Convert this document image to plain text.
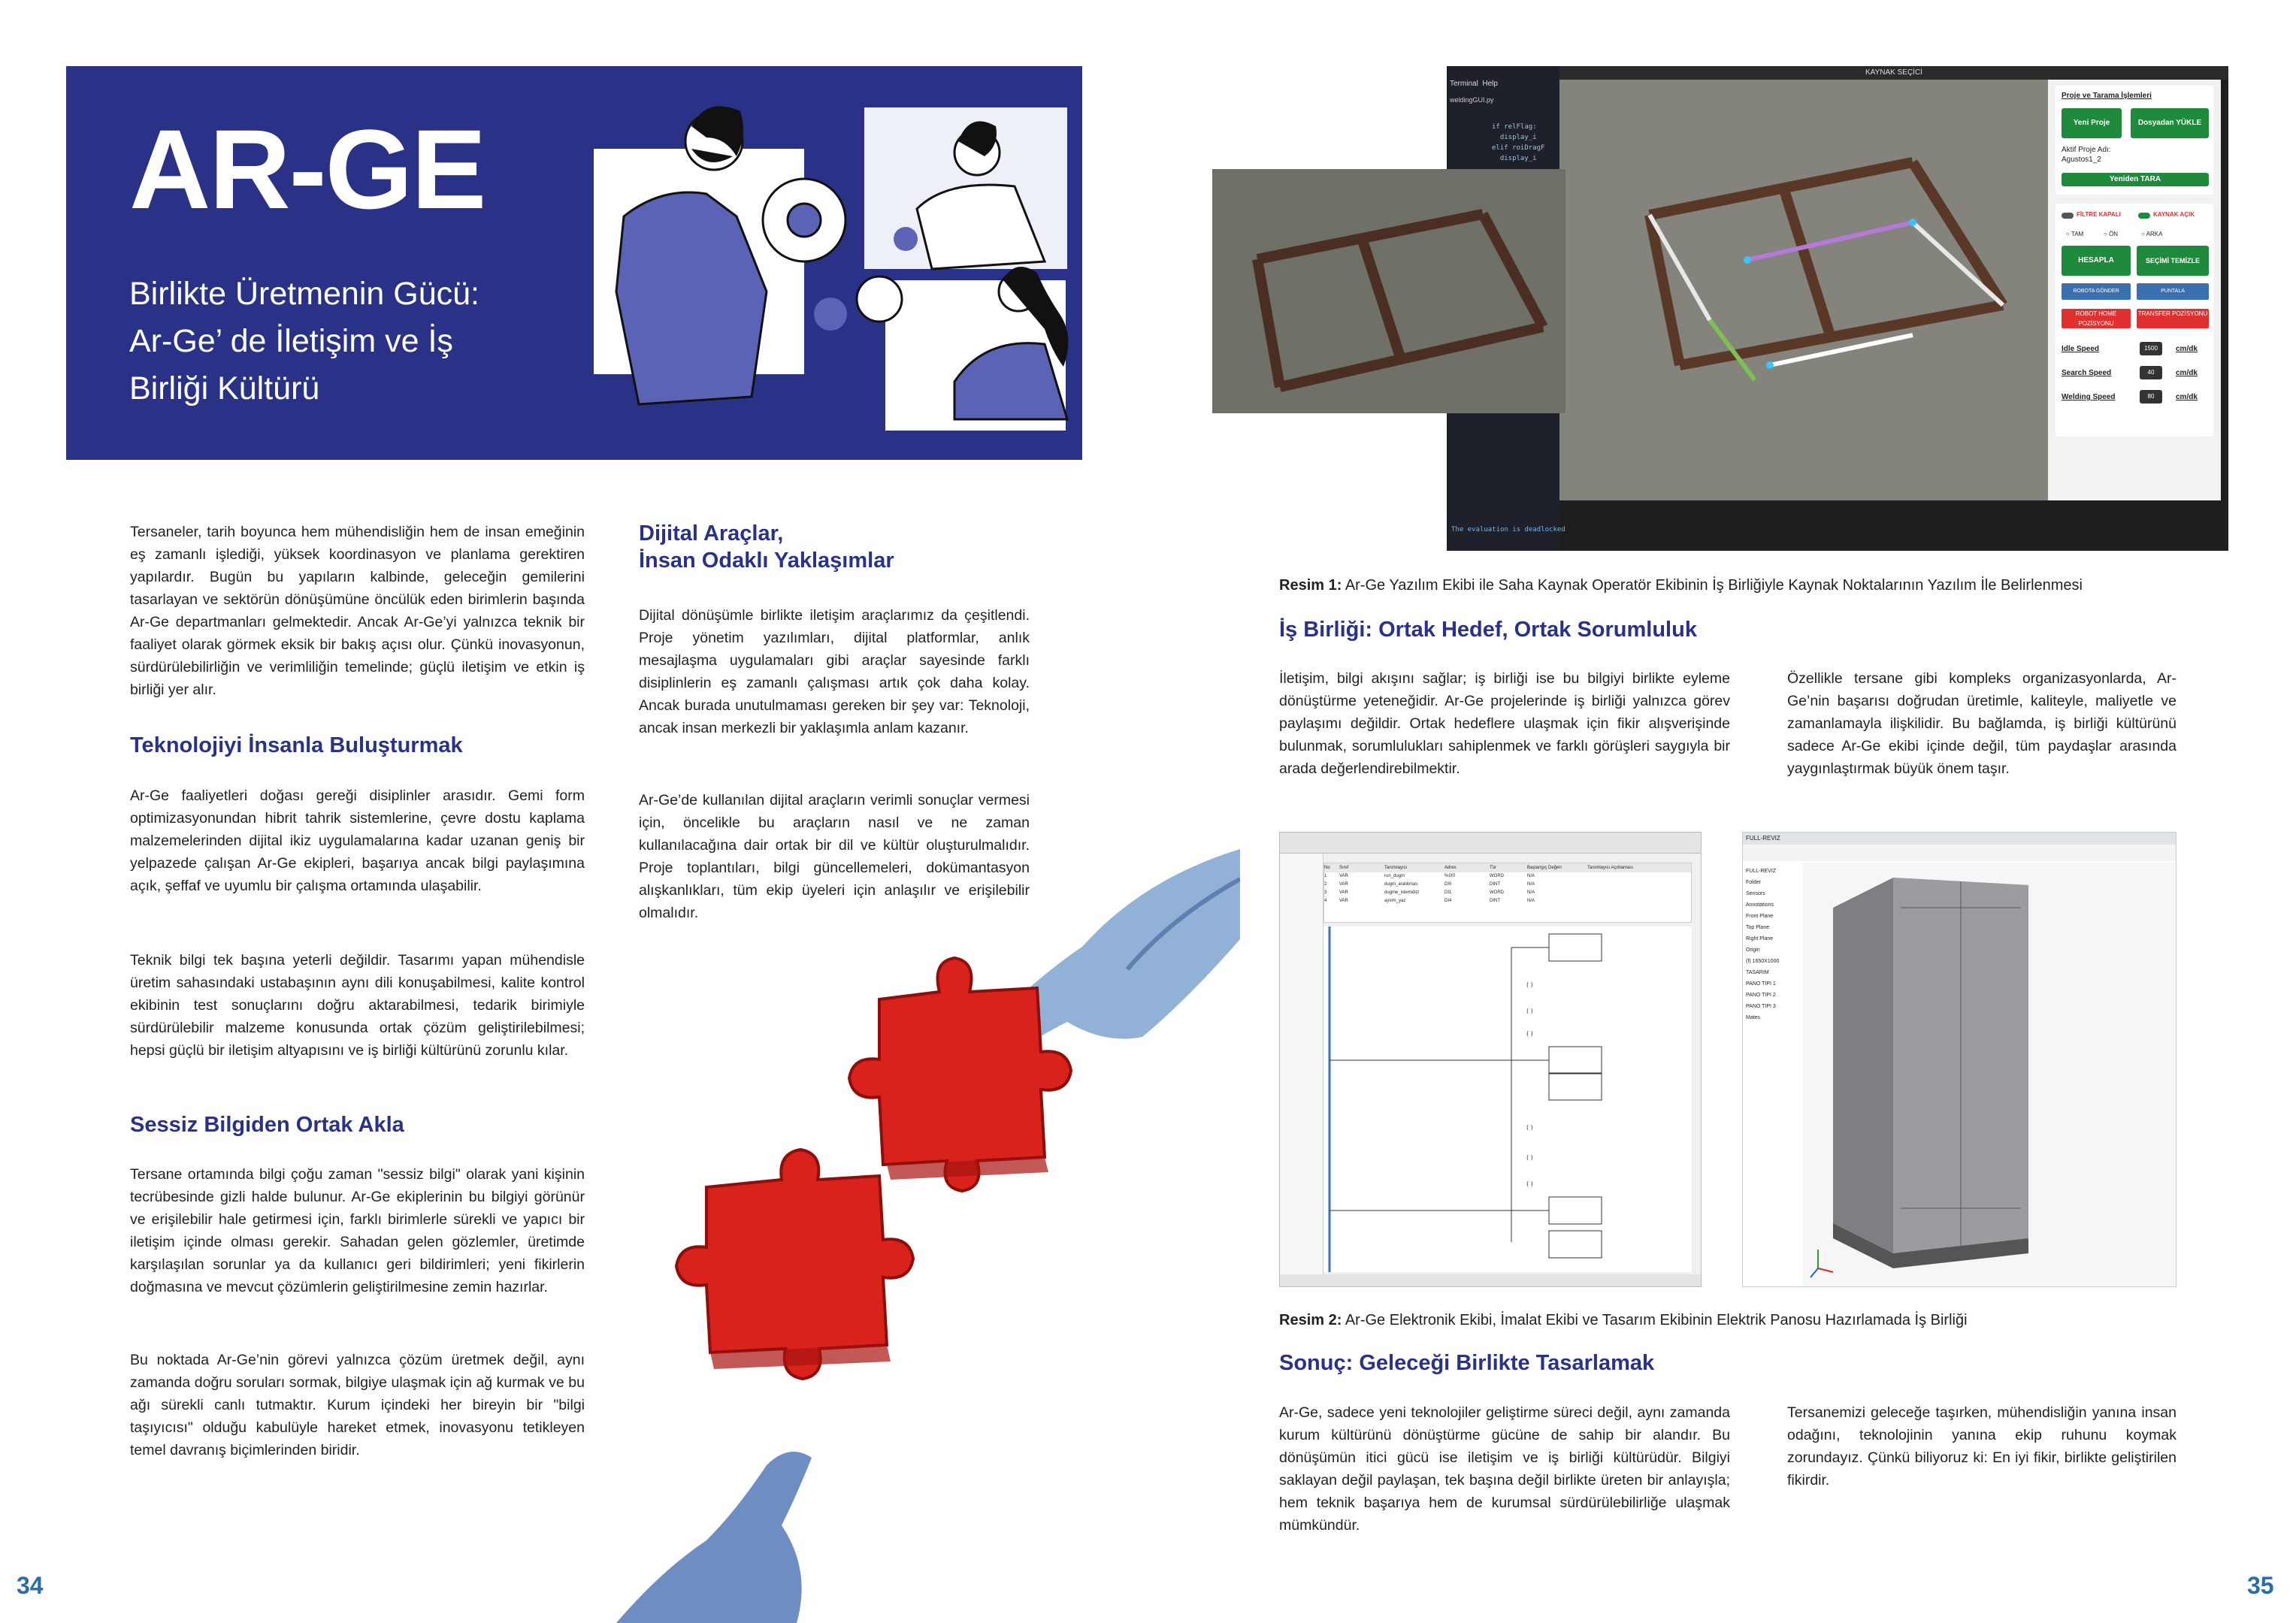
AR-GE
Birlikte Üretmenin Gücü:
Ar-Ge’ de İletişim ve İş
Birliği Kültürü
Tersaneler, tarih boyunca hem mühendisliğin hem de insan emeğinin eş zamanlı işlediği, yüksek koordinasyon ve planlama gerektiren yapılardır. Bugün bu yapıların kalbinde, geleceğin gemilerini tasarlayan ve sektörün dönüşümüne öncülük eden birimlerin başında Ar-Ge departmanları gelmektedir. Ancak Ar-Ge’yi yalnızca teknik bir faaliyet olarak görmek eksik bir bakış açısı olur. Çünkü inovasyonun, sürdürülebilirliğin ve verimliliğin temelinde; güçlü iletişim ve etkin iş birliği yer alır.
Teknolojiyi İnsanla Buluşturmak
Ar-Ge faaliyetleri doğası gereği disiplinler arasıdır. Gemi form optimizasyonundan hibrit tahrik sistemlerine, çevre dostu kaplama malzemelerinden dijital ikiz uygulamalarına kadar uzanan geniş bir yelpazede çalışan Ar-Ge ekipleri, başarıya ancak bilgi paylaşımına açık, şeffaf ve uyumlu bir çalışma ortamında ulaşabilir.
Teknik bilgi tek başına yeterli değildir. Tasarımı yapan mühendisle üretim sahasındaki ustabaşının aynı dili konuşabilmesi, kalite kontrol ekibinin test sonuçlarını doğru aktarabilmesi, tedarik birimiyle sürdürülebilir malzeme konusunda ortak çözüm geliştirilebilmesi; hepsi güçlü bir iletişim altyapısını ve iş birliği kültürünü zorunlu kılar.
Sessiz Bilgiden Ortak Akla
Tersane ortamında bilgi çoğu zaman "sessiz bilgi" olarak yani kişinin tecrübesinde gizli halde bulunur. Ar-Ge ekiplerinin bu bilgiyi görünür ve erişilebilir hale getirmesi için, farklı birimlerle sürekli ve yapıcı bir iletişim içinde olması gerekir. Sahadan gelen gözlemler, üretimde karşılaşılan sorunlar ya da kullanıcı geri bildirimleri; yeni fikirlerin doğmasına ve mevcut çözümlerin geliştirilmesine zemin hazırlar.
Bu noktada Ar-Ge’nin görevi yalnızca çözüm üretmek değil, aynı zamanda doğru soruları sormak, bilgiye ulaşmak için ağ kurmak ve bu ağı sürekli canlı tutmaktır. Kurum içindeki her bireyin bir "bilgi taşıyıcısı" olduğu kabulüyle hareket etmek, inovasyonu tetikleyen temel davranış biçimlerinden biridir.
Dijital Araçlar,
İnsan Odaklı Yaklaşımlar
Dijital dönüşümle birlikte iletişim araçlarımız da çeşitlendi. Proje yönetim yazılımları, dijital platformlar, anlık mesajlaşma uygulamaları gibi araçlar sayesinde farklı disiplinlerin eş zamanlı çalışması artık çok daha kolay. Ancak burada unutulmaması gereken bir şey var: Teknoloji, ancak insan merkezli bir yaklaşımla anlam kazanır.
Ar-Ge’de kullanılan dijital araçların verimli sonuçlar vermesi için, öncelikle bu araçların nasıl ve ne zaman kullanılacağına dair ortak bir dil ve kültür oluşturulmalıdır. Proje toplantıları, bilgi güncellemeleri, dokümantasyon alışkanlıkları, tüm ekip üyeleri için anlaşılır ve erişilebilir olmalıdır.
34
Terminal Help
weldingGUI.py

if relFlag:
display_i
elif roiDragF
display_i

The evaluation is deadlocked
KAYNAK SEÇİCİ
Proje ve Tarama İşlemleri
Yeni Proje	Dosyadan YÜKLE
Aktif Proje Adı:
Agustos1_2
Yeniden TARA
FİLTRE KAPALI	KAYNAK AÇIK
○ TAM	○ ÖN	○ ARKA
HESAPLA	SEÇİMİ TEMİZLE
ROBOTA GÖNDER	PUNTALA
ROBOT HOME POZİSYONU
TRANSFER POZİSYONU
Idle Speed	1500	cm/dk
Search Speed	40	cm/dk
Welding Speed	80	cm/dk
Resim 1: Ar-Ge Yazılım Ekibi ile Saha Kaynak Operatör Ekibinin İş Birliğiyle Kaynak Noktalarının Yazılım İle Belirlenmesi
İş Birliği: Ortak Hedef, Ortak Sorumluluk
İletişim, bilgi akışını sağlar; iş birliği ise bu bilgiyi birlikte eyleme dönüştürme yeteneğidir. Ar-Ge projelerinde iş birliği yalnızca görev paylaşımı değildir. Ortak hedeflere ulaşmak için fikir alışverişinde bulunmak, sorumlulukları sahiplenmek ve farklı görüşleri saygıyla bir arada değerlendirebilmektir.
Özellikle tersane gibi kompleks organizasyonlarda, Ar-Ge’nin başarısı doğrudan üretimle, kaliteyle, maliyetle ve zamanlamayla ilişkilidir. Bu bağlamda, iş birliği kültürünü sadece Ar-Ge ekibi içinde değil, tüm paydaşlar arasında yaygınlaştırmak büyük önem taşır.
No	Sınıf	Tanımlayıcı	Adres	Tür	Başlangıç Değeri	Tanımlayıcı Açıklaması
1	VAR	run_dugm	%IX0	WORD	N/A
2	VAR	dugm_aralıkmas	DI0	DINT	N/A
3	VAR	dugme_islemidizi	DI1	WORD	N/A
4	VAR	ayvim_yaz	DI4	DINT	N/A
( )
( )
( )
( )
( )
( )
FULL-REVIZ
FULL-REVIZ
Folder
Sensors
Annotations
Front Plane
Top Plane
Right Plane
Origin
(f) 1650X1000
TASARIM
PANO TIPI 1
PANO TIPI 2
PANO TIPI 3
Mates
Resim 2: Ar-Ge Elektronik Ekibi, İmalat Ekibi ve Tasarım Ekibinin Elektrik Panosu Hazırlamada İş Birliği
Sonuç: Geleceği Birlikte Tasarlamak
Ar-Ge, sadece yeni teknolojiler geliştirme süreci değil, aynı zamanda kurum kültürünü dönüştürme gücüne de sahip bir alandır. Bu dönüşümün itici gücü ise iletişim ve iş birliği kültürüdür. Bilgiyi saklayan değil paylaşan, tek başına değil birlikte üreten bir anlayışla; hem teknik başarıya hem de kurumsal sürdürülebilirliğe ulaşmak mümkündür.
Tersanemizi geleceğe taşırken, mühendisliğin yanına insan odağını, teknolojinin yanına ekip ruhunu koymak zorundayız. Çünkü biliyoruz ki: En iyi fikir, birlikte geliştirilen fikirdir.
35
